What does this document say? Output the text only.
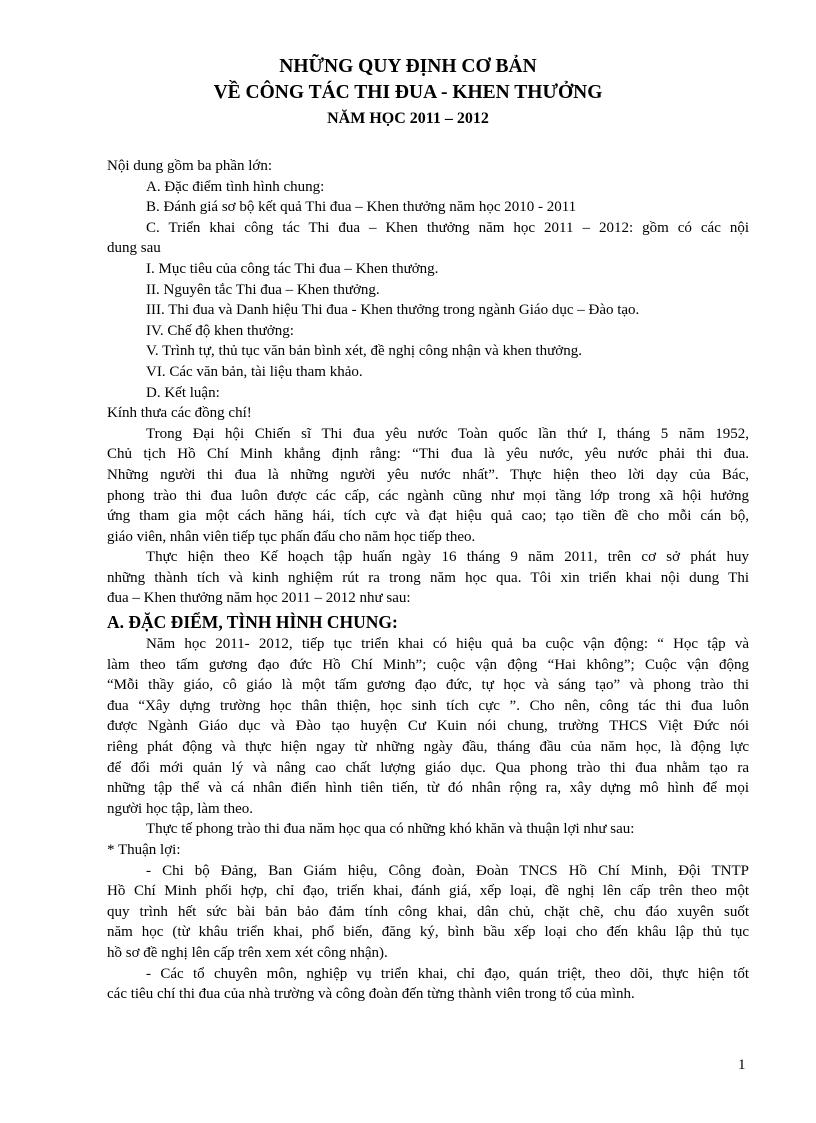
NHỮNG QUY ĐỊNH CƠ BẢN
VỀ CÔNG TÁC THI ĐUA - KHEN THƯỞNG
NĂM HỌC 2011 – 2012
Nội dung gồm ba phần lớn:
A. Đặc điểm tình hình chung:
B. Đánh giá sơ bộ kết quả Thi đua – Khen thưởng năm học 2010 - 2011
C. Triển khai công tác Thi đua – Khen thưởng năm học 2011 – 2012: gồm có các nội
dung sau
I. Mục tiêu của công tác Thi đua – Khen thưởng.
II. Nguyên tắc Thi đua – Khen thưởng.
III. Thi đua và Danh hiệu Thi đua - Khen thưởng trong ngành Giáo dục – Đào tạo.
IV. Chế độ khen thưởng:
V. Trình tự, thủ tục văn bản bình xét, đề nghị công nhận và khen thưởng.
VI. Các văn bản, tài liệu tham khảo.
D. Kết luận:
Kính thưa các đồng chí!
Trong Đại hội Chiến sĩ Thi đua yêu nước Toàn quốc lần thứ I, tháng 5 năm 1952,
Chủ tịch Hồ Chí Minh khẳng định rằng: “Thi đua là yêu nước, yêu nước phải thi đua.
Những người thi đua là những người yêu nước nhất”. Thực hiện theo lời dạy của Bác,
phong trào thi đua luôn được các cấp, các ngành cũng như mọi tầng lớp trong xã hội hưởng
ứng tham gia một cách hăng hái, tích cực và đạt hiệu quả cao; tạo tiền đề cho mỗi cán bộ,
giáo viên, nhân viên tiếp tục phấn đấu cho năm học tiếp theo.
Thực hiện theo Kế hoạch tập huấn ngày 16 tháng 9 năm 2011, trên cơ sở phát huy
những thành tích và kinh nghiệm rút ra trong năm học qua. Tôi xin triển khai nội dung Thi
đua – Khen thưởng năm học 2011 – 2012 như sau:
A. ĐẶC ĐIỂM, TÌNH HÌNH CHUNG:
Năm học 2011- 2012, tiếp tục triển khai có hiệu quả ba cuộc vận động: “ Học tập và
làm theo tấm gương đạo đức Hồ Chí Minh”; cuộc vận động “Hai không”; Cuộc vận động
“Mỗi thầy giáo, cô giáo là một tấm gương đạo đức, tự học và sáng tạo” và phong trào thi
đua “Xây dựng trường học thân thiện, học sinh tích cực ”. Cho nên, công tác thi đua luôn
được Ngành Giáo dục và Đào tạo huyện Cư Kuin nói chung, trường THCS Việt Đức nói
riêng phát động và thực hiện ngay từ những ngày đầu, tháng đầu của năm học, là động lực
để đổi mới quản lý và nâng cao chất lượng giáo dục. Qua phong trào thi đua nhằm tạo ra
những tập thể và cá nhân điển hình tiên tiến, từ đó nhân rộng ra, xây dựng mô hình để mọi
người học tập, làm theo.
Thực tế phong trào thi đua năm học qua có những khó khăn và thuận lợi như sau:
* Thuận lợi:
- Chi bộ Đảng, Ban Giám hiệu, Công đoàn, Đoàn TNCS Hồ Chí Minh, Đội TNTP
Hồ Chí Minh phối hợp, chỉ đạo, triển khai, đánh giá, xếp loại, đề nghị lên cấp trên theo một
quy trình hết sức bài bản bảo đảm tính công khai, dân chủ, chặt chẽ, chu đáo xuyên suốt
năm học (từ khâu triển khai, phổ biến, đăng ký, bình bầu xếp loại cho đến khâu lập thủ tục
hồ sơ đề nghị lên cấp trên xem xét công nhận).
- Các tổ chuyên môn, nghiệp vụ triển khai, chỉ đạo, quán triệt, theo dõi, thực hiện tốt
các tiêu chí thi đua của nhà trường và công đoàn đến từng thành viên trong tổ của mình.
1
